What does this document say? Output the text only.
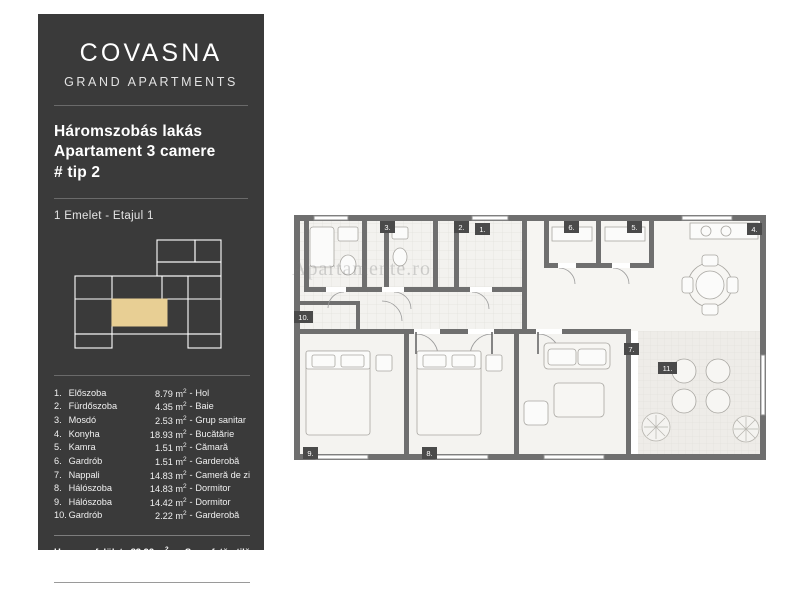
COVASNA
GRAND APARTMENTS
Háromszobás lakás
Apartament 3 camere
# tip 2
1 Emelet - Etajul 1
1.	Előszoba	8.79 $m^2$	-	Hol
2.	Fürdőszoba	4.35 $m^2$	-	Baie
3.	Mosdó	2.53 $m^2$	-	Grup sanitar
4.	Konyha	18.93 $m^2$	-	Bucătărie
5.	Kamra	1.51 $m^2$	-	Cămară
6.	Gardrób	1.51 $m^2$	-	Garderobă
7.	Nappali	14.83 $m^2$	-	Cameră de zi
8.	Hálószoba	14.83 $m^2$	-	Dormitor
9.	Hálószoba	14.42 $m^2$	-	Dormitor
10.	Gardrób	2.22 $m^2$	-	Garderobă
Hasznos felület	83.92 $m^2$	-	Suprafață utilă
11.Terasz	9.98 m2	-	Terasă
Összefelület	93.9 $m^2$	-	Suprafață totală
1.
2.
3.	4.
5.
6.
7.
8.
9.
10.
11.
Apartamente.ro
